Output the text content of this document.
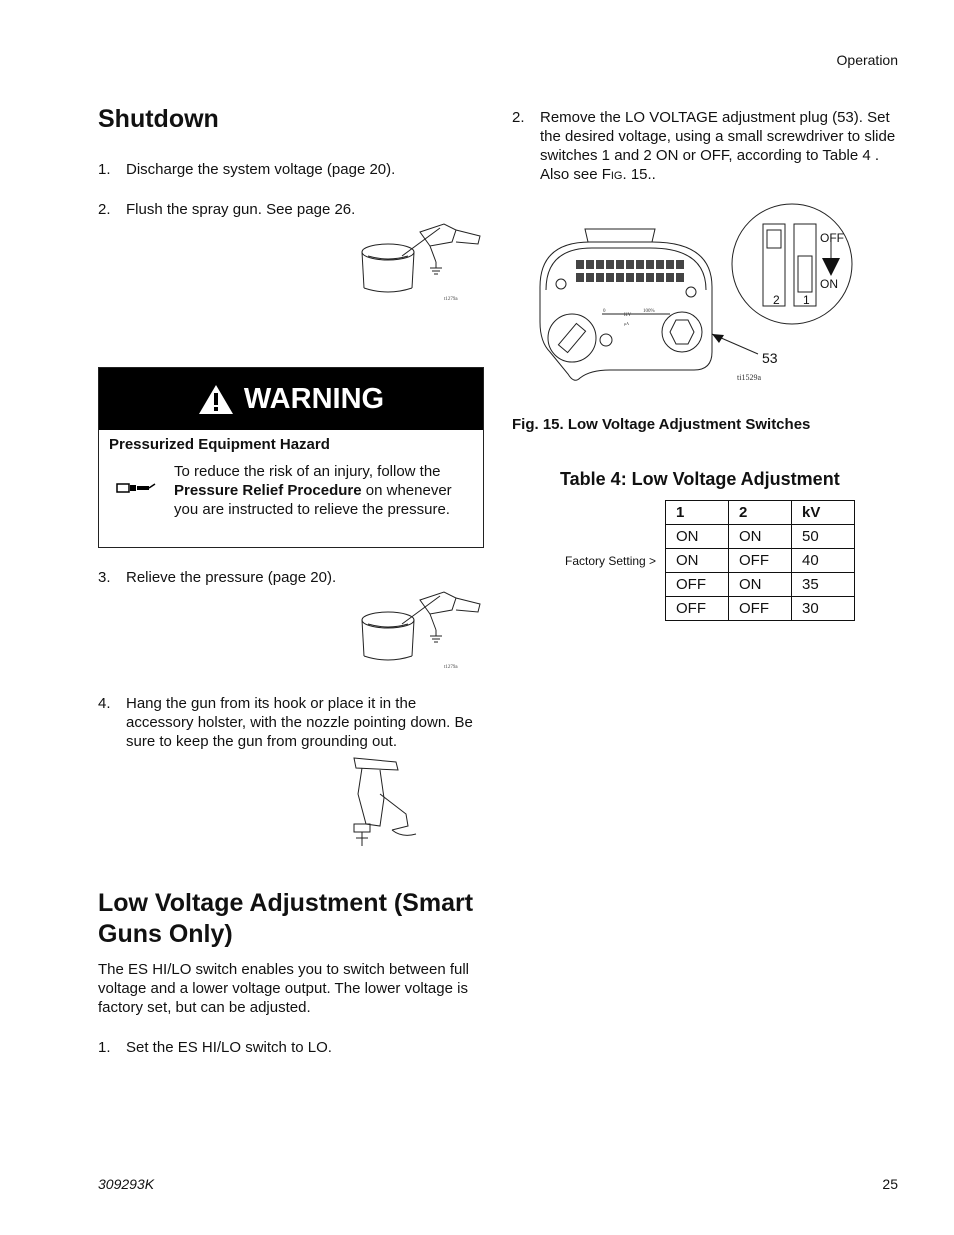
Operation
Shutdown
1. Discharge the system voltage (page 20).
2. Flush the spray gun. See page 26.
t1279a
WARNING
Pressurized Equipment Hazard
To reduce the risk of an injury, follow the Pressure Relief Procedure on whenever you are instructed to relieve the pressure.
3. Relieve the pressure (page 20).
t1279a
4. Hang the gun from its hook or place it in the accessory holster, with the nozzle pointing down. Be sure to keep the gun from grounding out.
Low Voltage Adjustment (Smart Guns Only)
The ES HI/LO switch enables you to switch between full voltage and a lower voltage output. The lower voltage is factory set, but can be adjusted.
1. Set the ES HI/LO switch to LO.
2. Remove the LO VOLTAGE adjustment plug (53). Set the desired voltage, using a small screwdriver to slide switches 1 and 2 ON or OFF, according to Table 4 . Also see FIG. 15..
OFF
ON
2 1
53
ti1529a
0
KV
100%
μA
Fig. 15. Low Voltage Adjustment Switches
Table 4: Low Voltage Adjustment
Factory Setting >
1	2	kV
ON	ON	50
ON	OFF	40
OFF	ON	35
OFF	OFF	30
309293K	25
